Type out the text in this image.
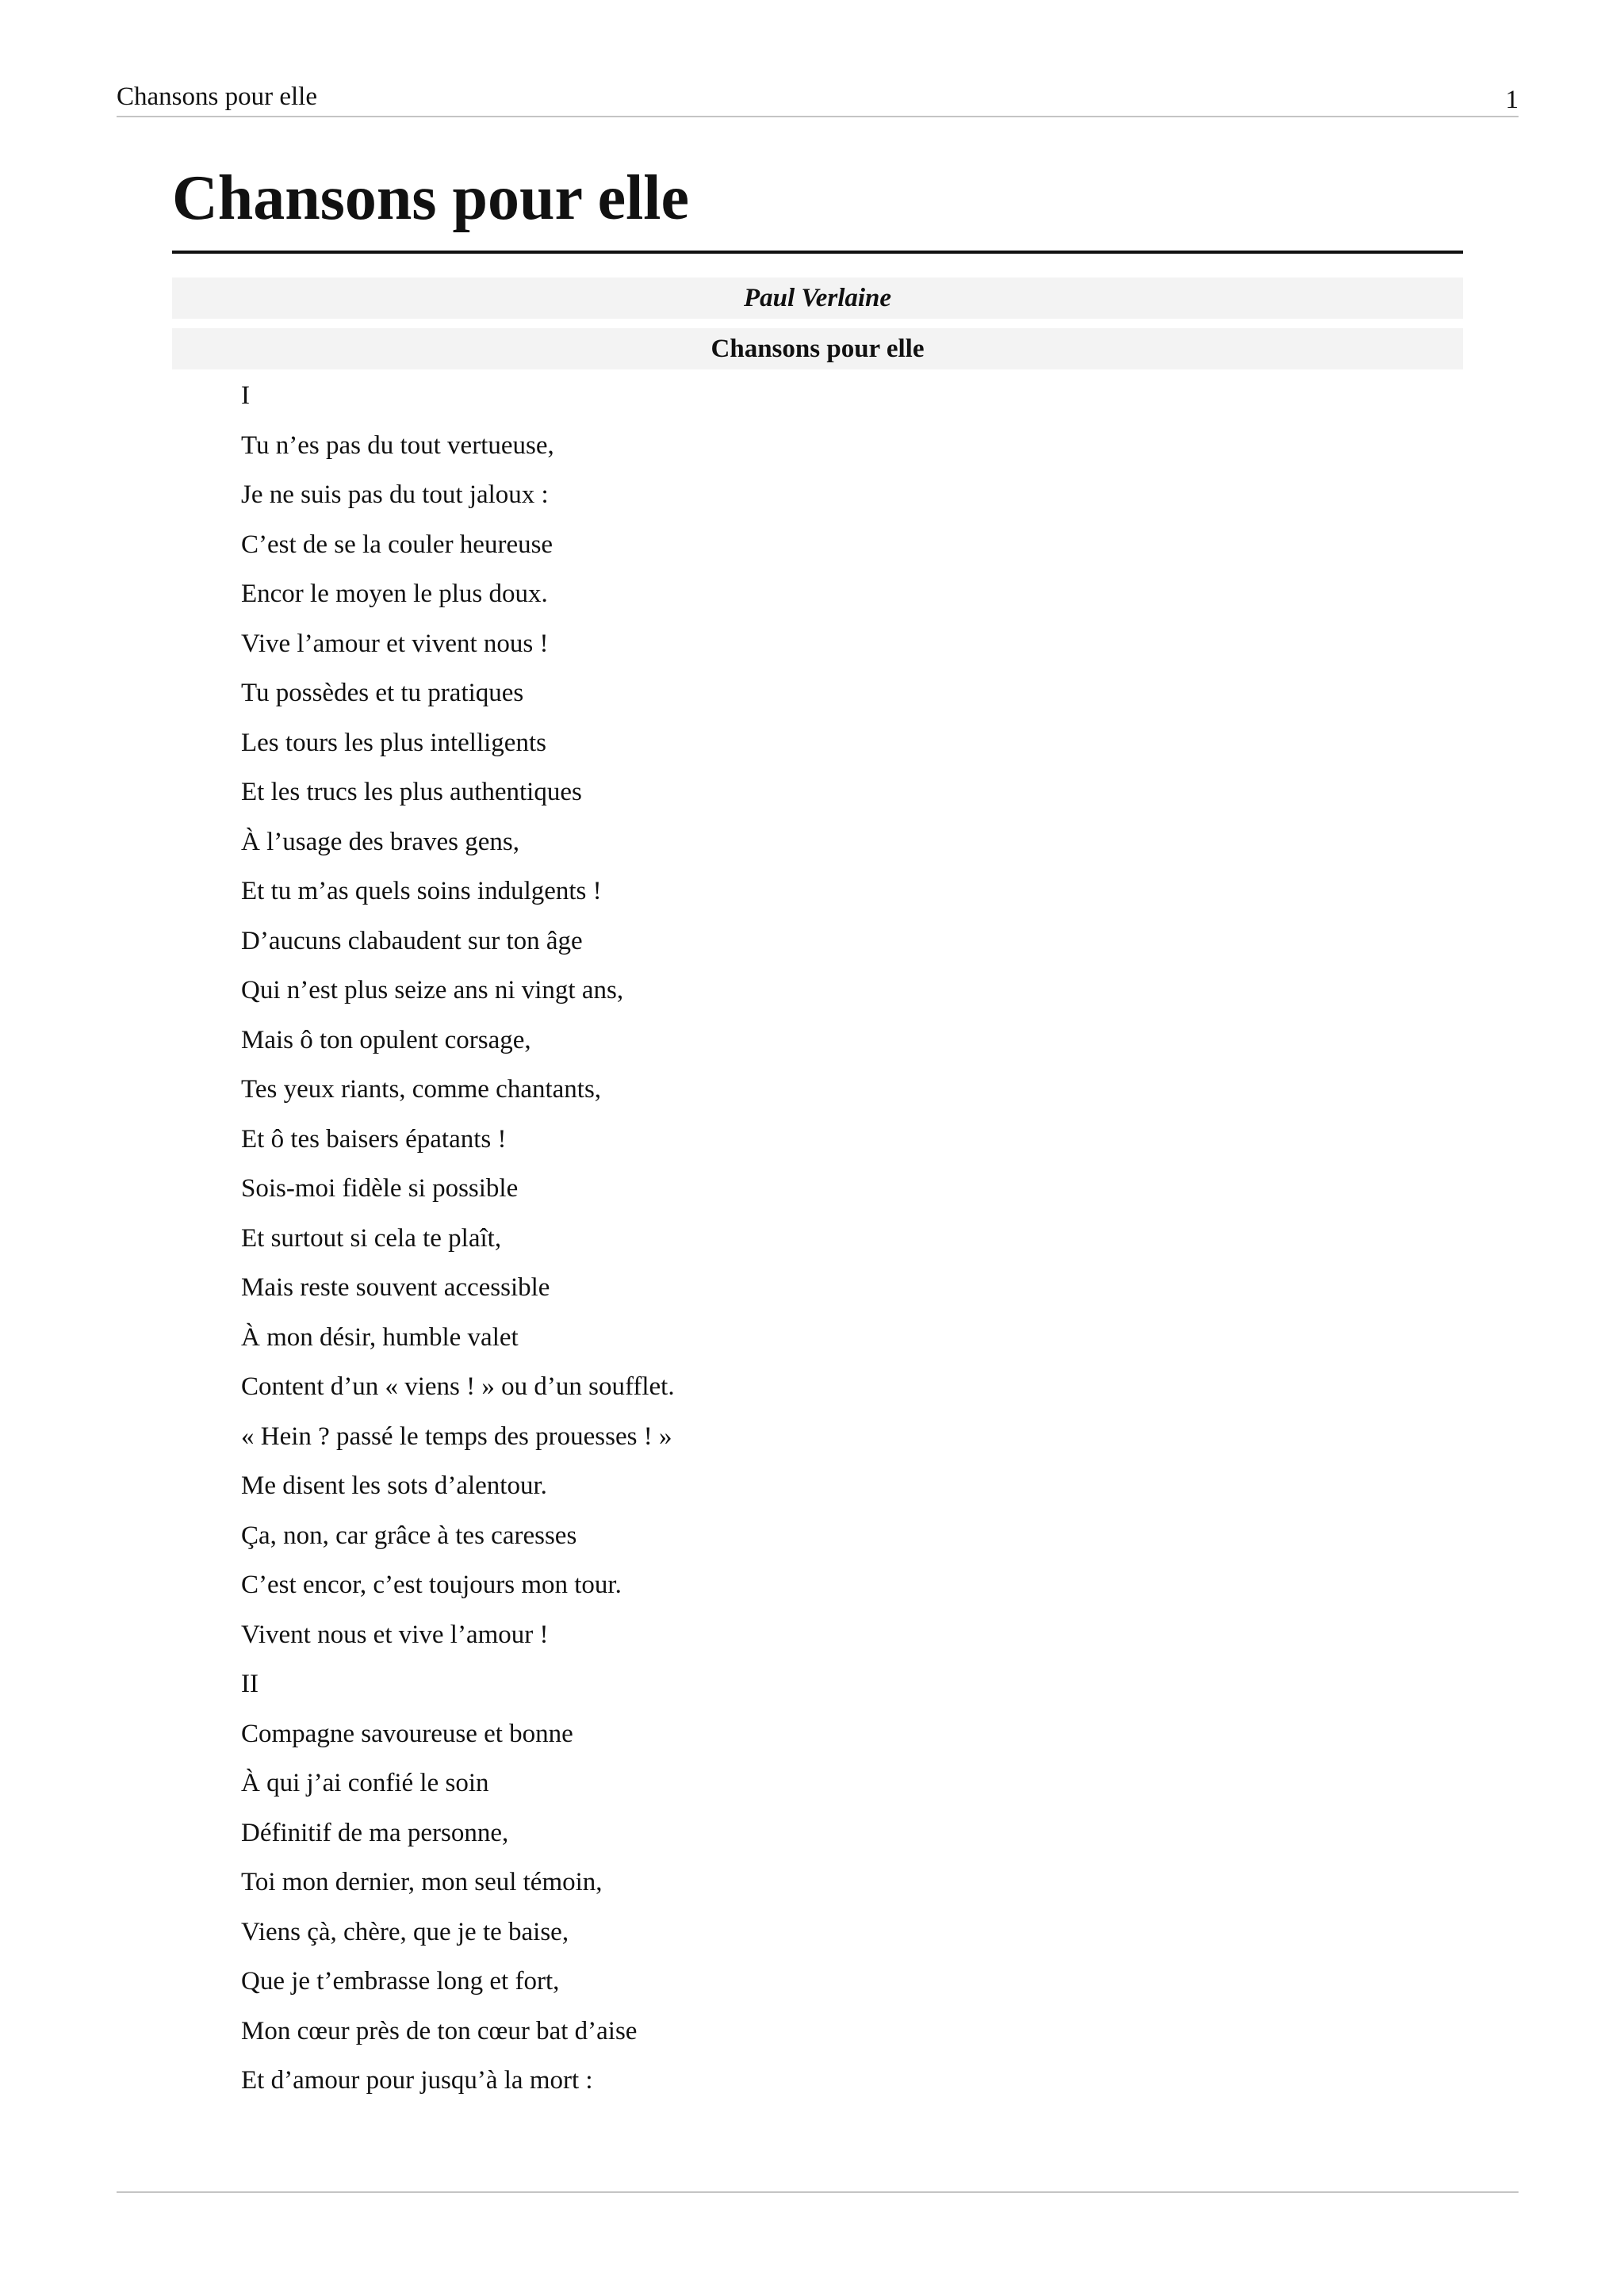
Chansons pour elle	1
Chansons pour elle
Paul Verlaine
Chansons pour elle
I
Tu n’es pas du tout vertueuse,
Je ne suis pas du tout jaloux :
C’est de se la couler heureuse
Encor le moyen le plus doux.
Vive l’amour et vivent nous !
Tu possèdes et tu pratiques
Les tours les plus intelligents
Et les trucs les plus authentiques
À l’usage des braves gens,
Et tu m’as quels soins indulgents !
D’aucuns clabaudent sur ton âge
Qui n’est plus seize ans ni vingt ans,
Mais ô ton opulent corsage,
Tes yeux riants, comme chantants,
Et ô tes baisers épatants !
Sois-moi fidèle si possible
Et surtout si cela te plaît,
Mais reste souvent accessible
À mon désir, humble valet
Content d’un « viens ! » ou d’un soufflet.
« Hein ? passé le temps des prouesses ! »
Me disent les sots d’alentour.
Ça, non, car grâce à tes caresses
C’est encor, c’est toujours mon tour.
Vivent nous et vive l’amour !
II
Compagne savoureuse et bonne
À qui j’ai confié le soin
Définitif de ma personne,
Toi mon dernier, mon seul témoin,
Viens çà, chère, que je te baise,
Que je t’embrasse long et fort,
Mon cœur près de ton cœur bat d’aise
Et d’amour pour jusqu’à la mort :
